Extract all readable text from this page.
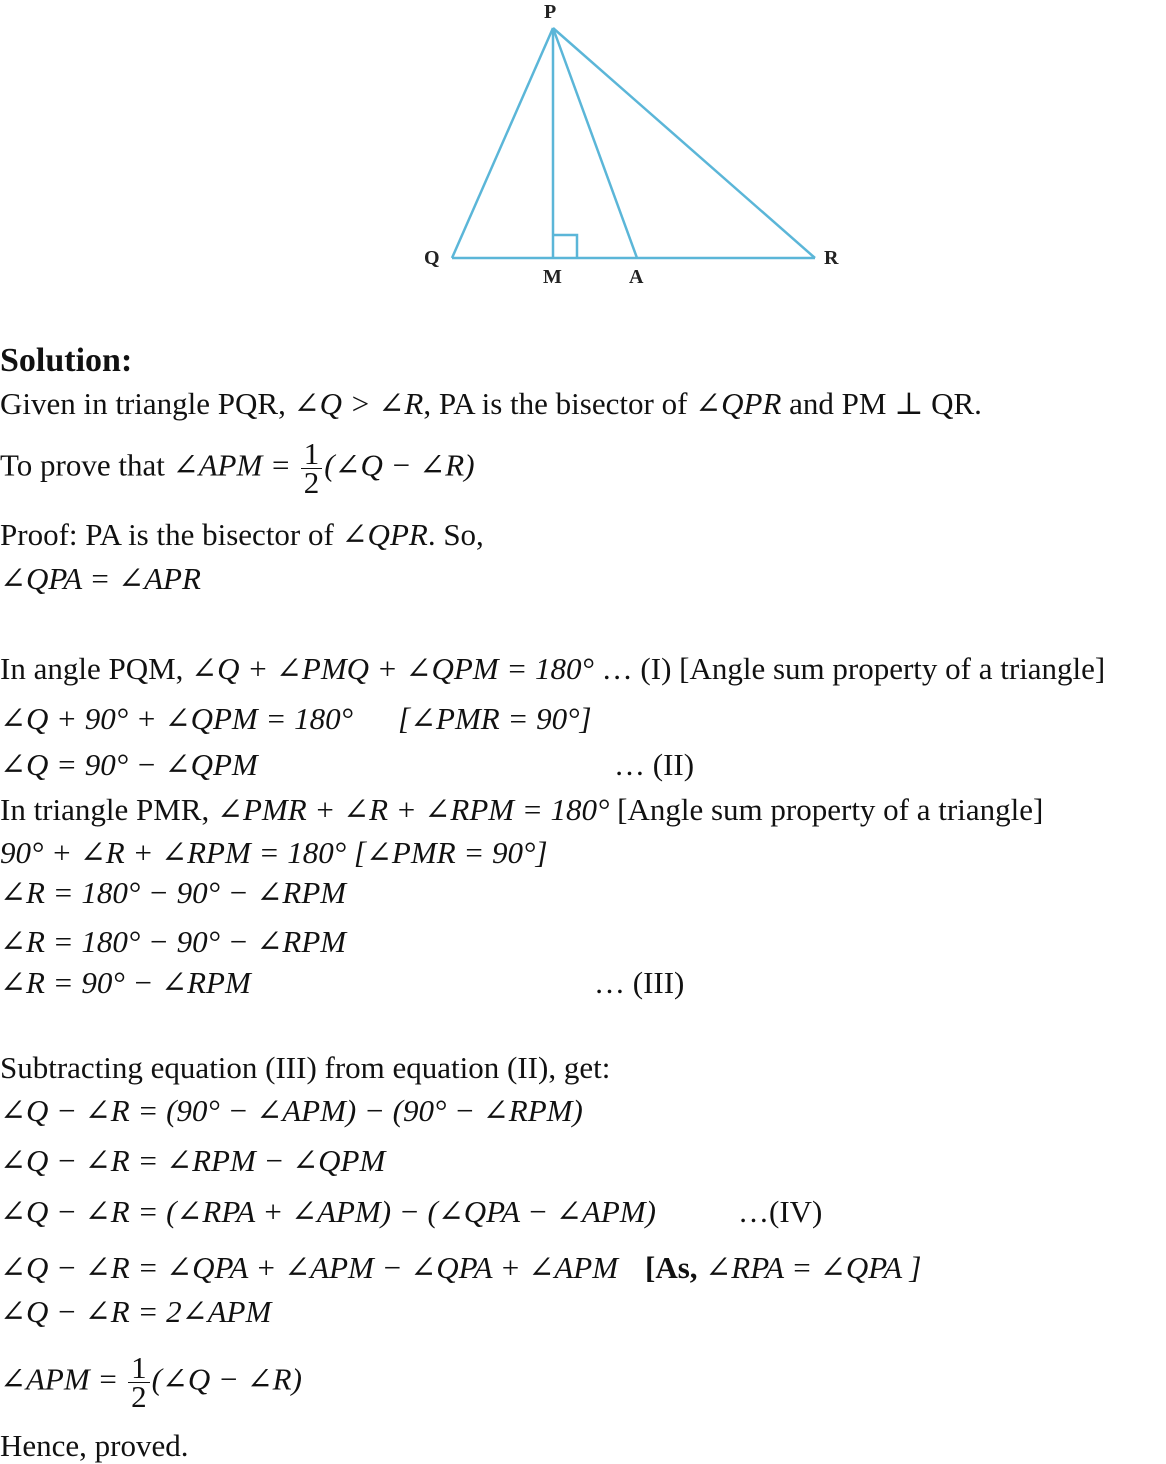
P
Q
M	A
R
Solution:
Given in triangle PQR, ∠Q > ∠R, PA is the bisector of ∠QPR and PM ⊥ QR.
To prove that ∠APM = $\frac{1}{2}$ (∠Q − ∠R)
Proof: PA is the bisector of ∠QPR. So,
∠QPA = ∠APR
In angle PQM, ∠Q + ∠PMQ + ∠QPM = 180° … (I) [Angle sum property of a triangle]
∠Q + 90° + ∠QPM = 180° [∠PMR = 90°]
∠Q = 90° − ∠QPM	… (II)
In triangle PMR, ∠PMR + ∠R + ∠RPM = 180° [Angle sum property of a triangle]
90° + ∠R + ∠RPM = 180° [∠PMR = 90°]
∠R = 180° − 90° − ∠RPM
∠R = 180° − 90° − ∠RPM
∠R = 90° − ∠RPM	… (III)
Subtracting equation (III) from equation (II), get:
∠Q − ∠R = (90° − ∠APM) − (90° − ∠RPM)
∠Q − ∠R = ∠RPM − ∠QPM
∠Q − ∠R = (∠RPA + ∠APM) − (∠QPA − ∠APM)	…(IV)
∠Q − ∠R = ∠QPA + ∠APM − ∠QPA + ∠APM [As, ∠RPA = ∠QPA ]
∠Q − ∠R = 2∠APM
∠APM = $\frac{1}{2}$ (∠Q − ∠R)
Hence, proved.
